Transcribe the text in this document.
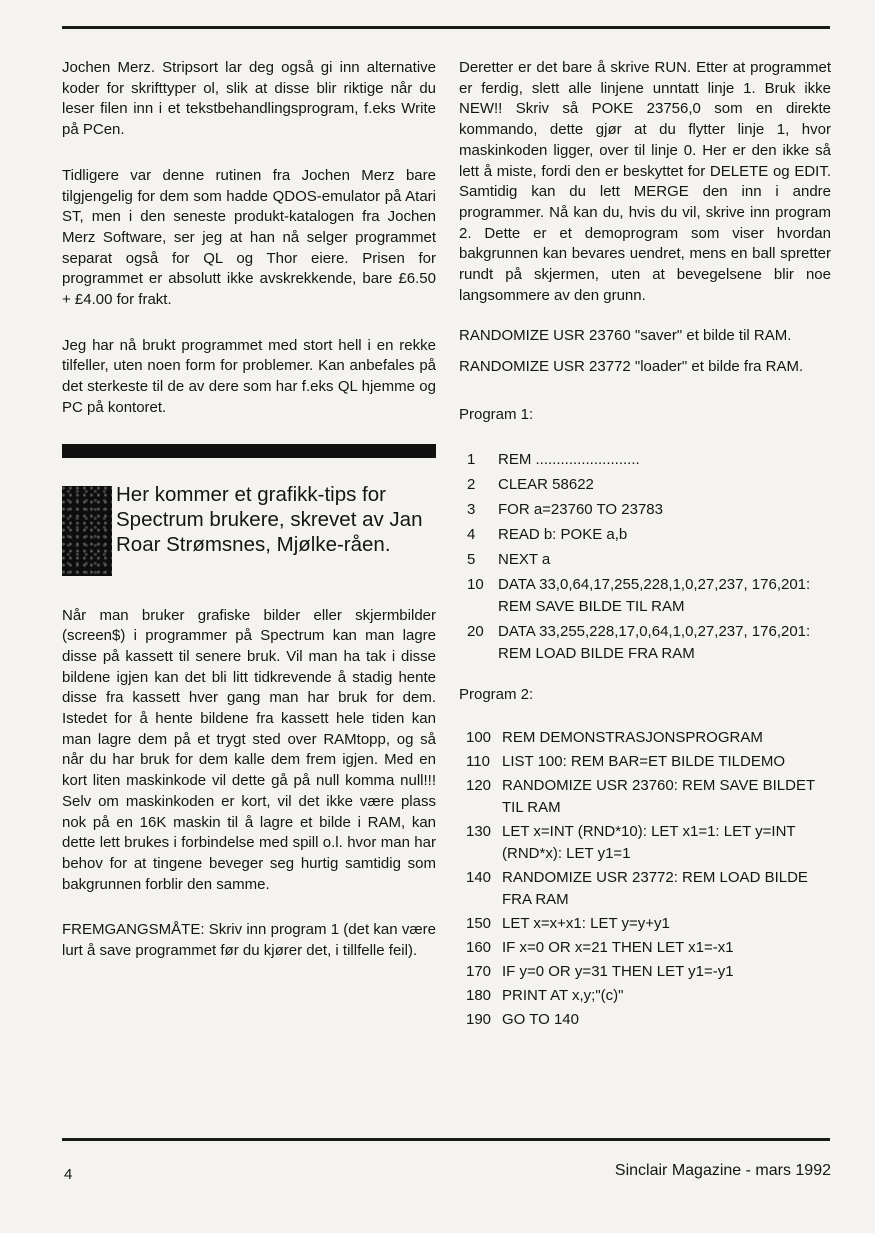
Jochen Merz. Stripsort lar deg også gi inn alternative koder for skrifttyper ol, slik at disse blir riktige når du leser filen inn i et tekstbehandlingsprogram, f.eks Write på PCen.

Tidligere var denne rutinen fra Jochen Merz bare tilgjengelig for dem som hadde QDOS-emulator på Atari ST, men i den seneste produkt-katalogen fra Jochen Merz Software, ser jeg at han nå selger programmet separat også for QL og Thor eiere. Prisen for programmet er absolutt ikke avskrekkende, bare £6.50 + £4.00 for frakt.

Jeg har nå brukt programmet med stort hell i en rekke tilfeller, uten noen form for problemer. Kan anbefales på det sterkeste til de av dere som har f.eks QL hjemme og PC på kontoret.

Her kommer et grafikk-tips for Spectrum brukere, skrevet av Jan Roar Strømsnes, Mjølke-råen.

Når man bruker grafiske bilder eller skjermbilder (screen$) i programmer på Spectrum kan man lagre disse på kassett til senere bruk. Vil man ha tak i disse bildene igjen kan det bli litt tidkrevende å stadig hente disse fra kassett hver gang man har bruk for dem. Istedet for å hente bildene fra kassett hele tiden kan man lagre dem på et trygt sted over RAMtopp, og så når du har bruk for dem kalle dem frem igjen. Med en kort liten maskinkode vil dette gå på null komma null!!! Selv om maskinkoden er kort, vil det ikke være plass nok på en 16K maskin til å lagre et bilde i RAM, kan dette lett brukes i forbindelse med spill o.l. hvor man har behov for at tingene beveger seg hurtig samtidig som bakgrunnen forblir den samme.

FREMGANGSMÅTE: Skriv inn program 1 (det kan være lurt å save programmet før du kjører det, i tillfelle feil).

Deretter er det bare å skrive RUN. Etter at programmet er ferdig, slett alle linjene unntatt linje 1. Bruk ikke NEW!! Skriv så POKE 23756,0 som en direkte kommando, dette gjør at du flytter linje 1, hvor maskinkoden ligger, over til linje 0. Her er den ikke så lett å miste, fordi den er beskyttet for DELETE og EDIT. Samtidig kan du lett MERGE den inn i andre programmer. Nå kan du, hvis du vil, skrive inn program 2. Dette er et demoprogram som viser hvordan bakgrunnen kan bevares uendret, mens en ball spretter rundt på skjermen, uten at bevegelsene blir noe langsommere av den grunn.

RANDOMIZE USR 23760 "saver" et bilde til RAM.

RANDOMIZE USR 23772 "loader" et bilde fra RAM.

Program 1:

1	REM .........................
2	CLEAR 58622
3	FOR a=23760 TO 23783
4	READ b: POKE a,b
5	NEXT a
10 DATA 33,0,64,17,255,228,1,0,27,237, 176,201: REM SAVE BILDE TIL RAM
20 DATA 33,255,228,17,0,64,1,0,27,237, 176,201: REM LOAD BILDE FRA RAM

Program 2:

100 REM DEMONSTRASJONSPROGRAM
110 LIST 100: REM BAR=ET BILDE TILDEMO
120 RANDOMIZE USR 23760: REM SAVE BILDET TIL RAM
130 LET x=INT (RND*10): LET x1=1: LET y=INT (RND*x): LET y1=1
140 RANDOMIZE USR 23772: REM LOAD BILDE FRA RAM
150 LET x=x+x1: LET y=y+y1
160 IF x=0 OR x=21 THEN LET x1=-x1
170 IF y=0 OR y=31 THEN LET y1=-y1
180 PRINT AT x,y;"(c)"
190 GO TO 140
4	Sinclair Magazine - mars 1992
